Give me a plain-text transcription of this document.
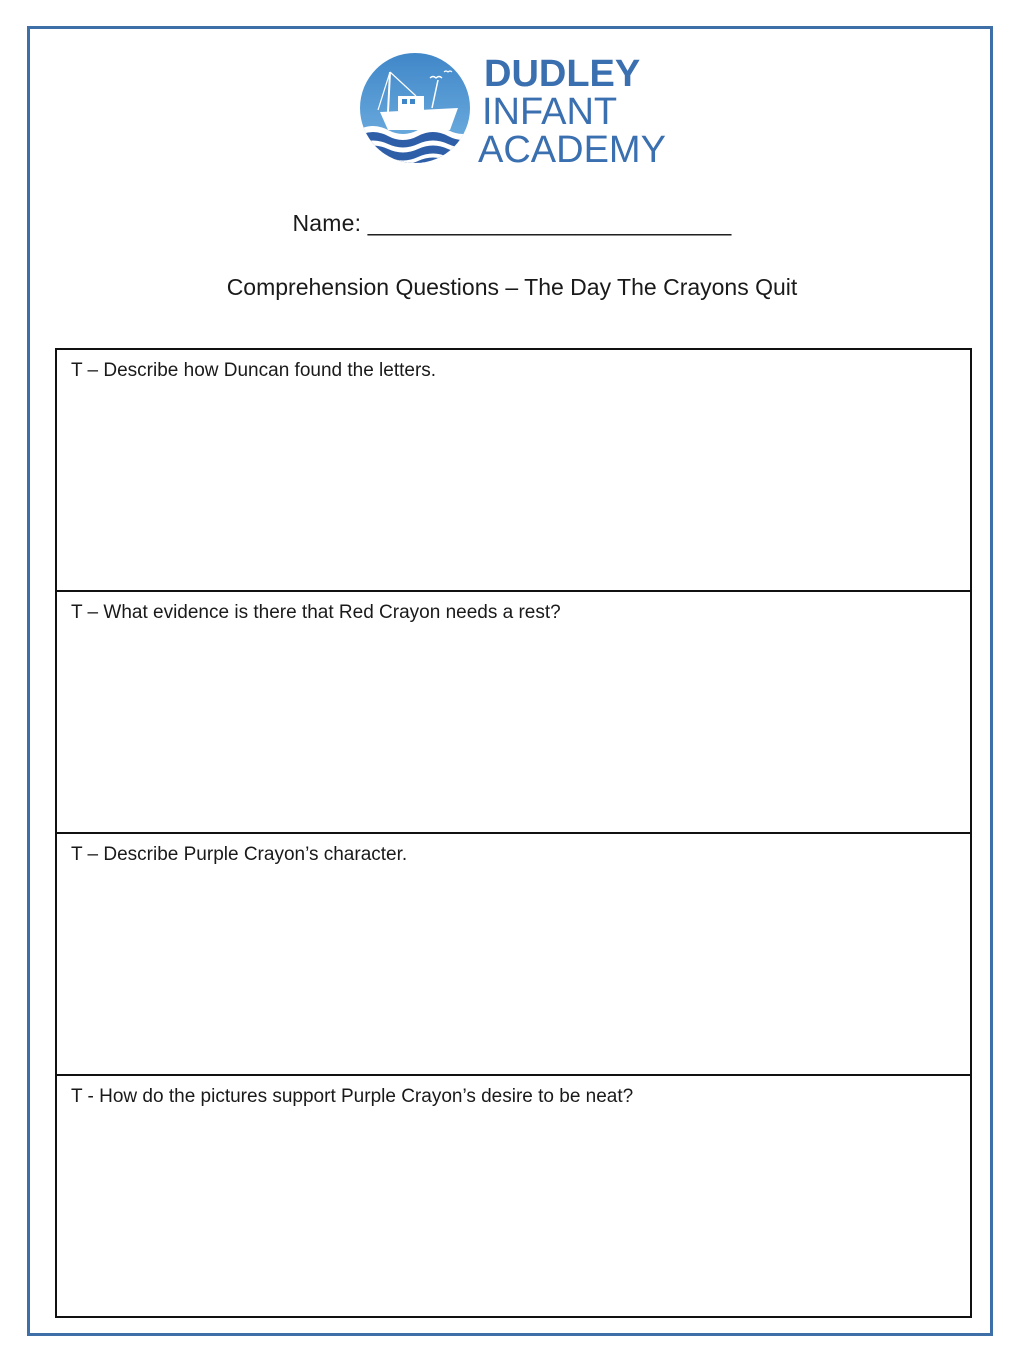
DUDLEY
INFANT
ACADEMY
Name: ____________________________
Comprehension Questions – The Day The Crayons Quit
T – Describe how Duncan found the letters.
T – What evidence is there that Red Crayon needs a rest?
T – Describe Purple Crayon’s character.
T - How do the pictures support Purple Crayon’s desire to be neat?
